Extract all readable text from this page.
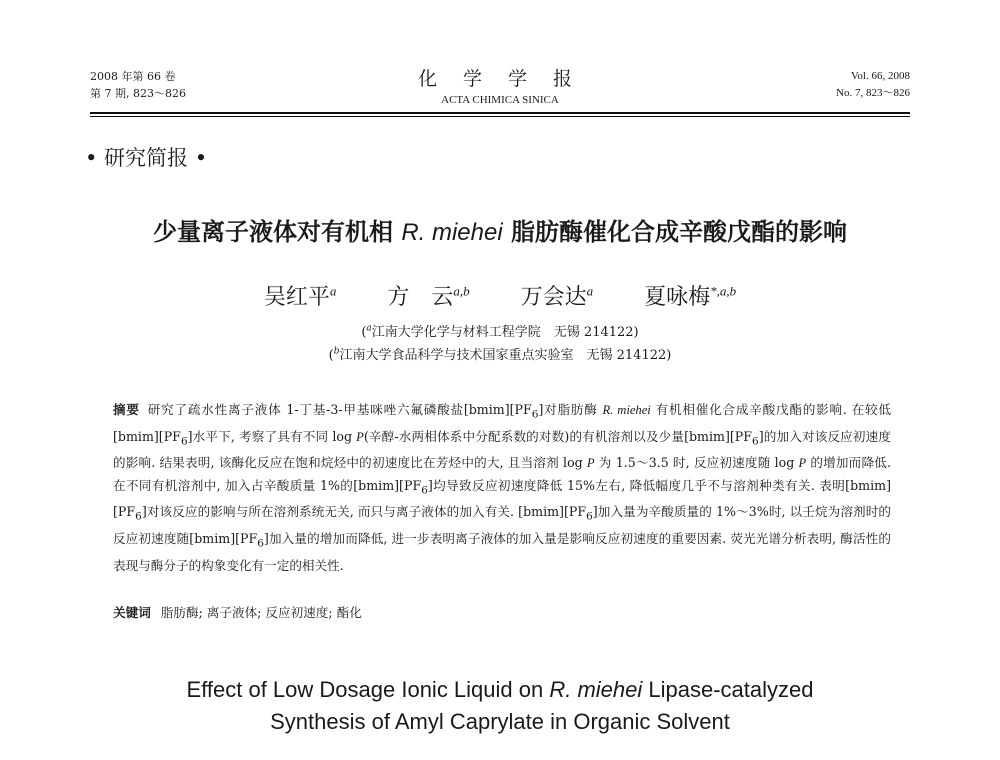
2008 年第 66 卷
第 7 期, 823～826
化 学 学 报
ACTA CHIMICA SINICA
Vol. 66, 2008
No. 7, 823～826
• 研究简报 •
少量离子液体对有机相 R. miehei 脂肪酶催化合成辛酸戊酯的影响
吴红平$^a$ 方　云$^{a,b}$ 万会达$^a$ 夏咏梅$^{*,a,b}$
($^a$江南大学化学与材料工程学院　无锡 214122)
($^b$江南大学食品科学与技术国家重点实验室　无锡 214122)
摘要 研究了疏水性离子液体 1-丁基-3-甲基咪唑六氟磷酸盐$[bmim][PF_6]$对脂肪酶 R. miehei 有机相催化合成辛酸戊酯的影响. 在较低$[bmim][PF_6]$水平下, 考察了具有不同 log P(辛醇-水两相体系中分配系数的对数)的有机溶剂以及少量$[bmim][PF_6]$的加入对该反应初速度的影响. 结果表明, 该酶化反应在饱和烷烃中的初速度比在芳烃中的大, 且当溶剂 log P 为 1.5～3.5 时, 反应初速度随 log P 的增加而降低. 在不同有机溶剂中, 加入占辛酸质量 1%的$[bmim][PF_6]$均导致反应初速度降低 15%左右, 降低幅度几乎不与溶剂种类有关. 表明$[bmim][PF_6]$对该反应的影响与所在溶剂系统无关, 而只与离子液体的加入有关. $[bmim][PF_6]$加入量为辛酸质量的 1%～3%时, 以壬烷为溶剂时的反应初速度随$[bmim][PF_6]$加入量的增加而降低, 进一步表明离子液体的加入量是影响反应初速度的重要因素. 荧光光谱分析表明, 酶活性的表现与酶分子的构象变化有一定的相关性.
关键词 脂肪酶; 离子液体; 反应初速度; 酯化
Effect of Low Dosage Ionic Liquid on R. miehei Lipase-catalyzed
Synthesis of Amyl Caprylate in Organic Solvent
